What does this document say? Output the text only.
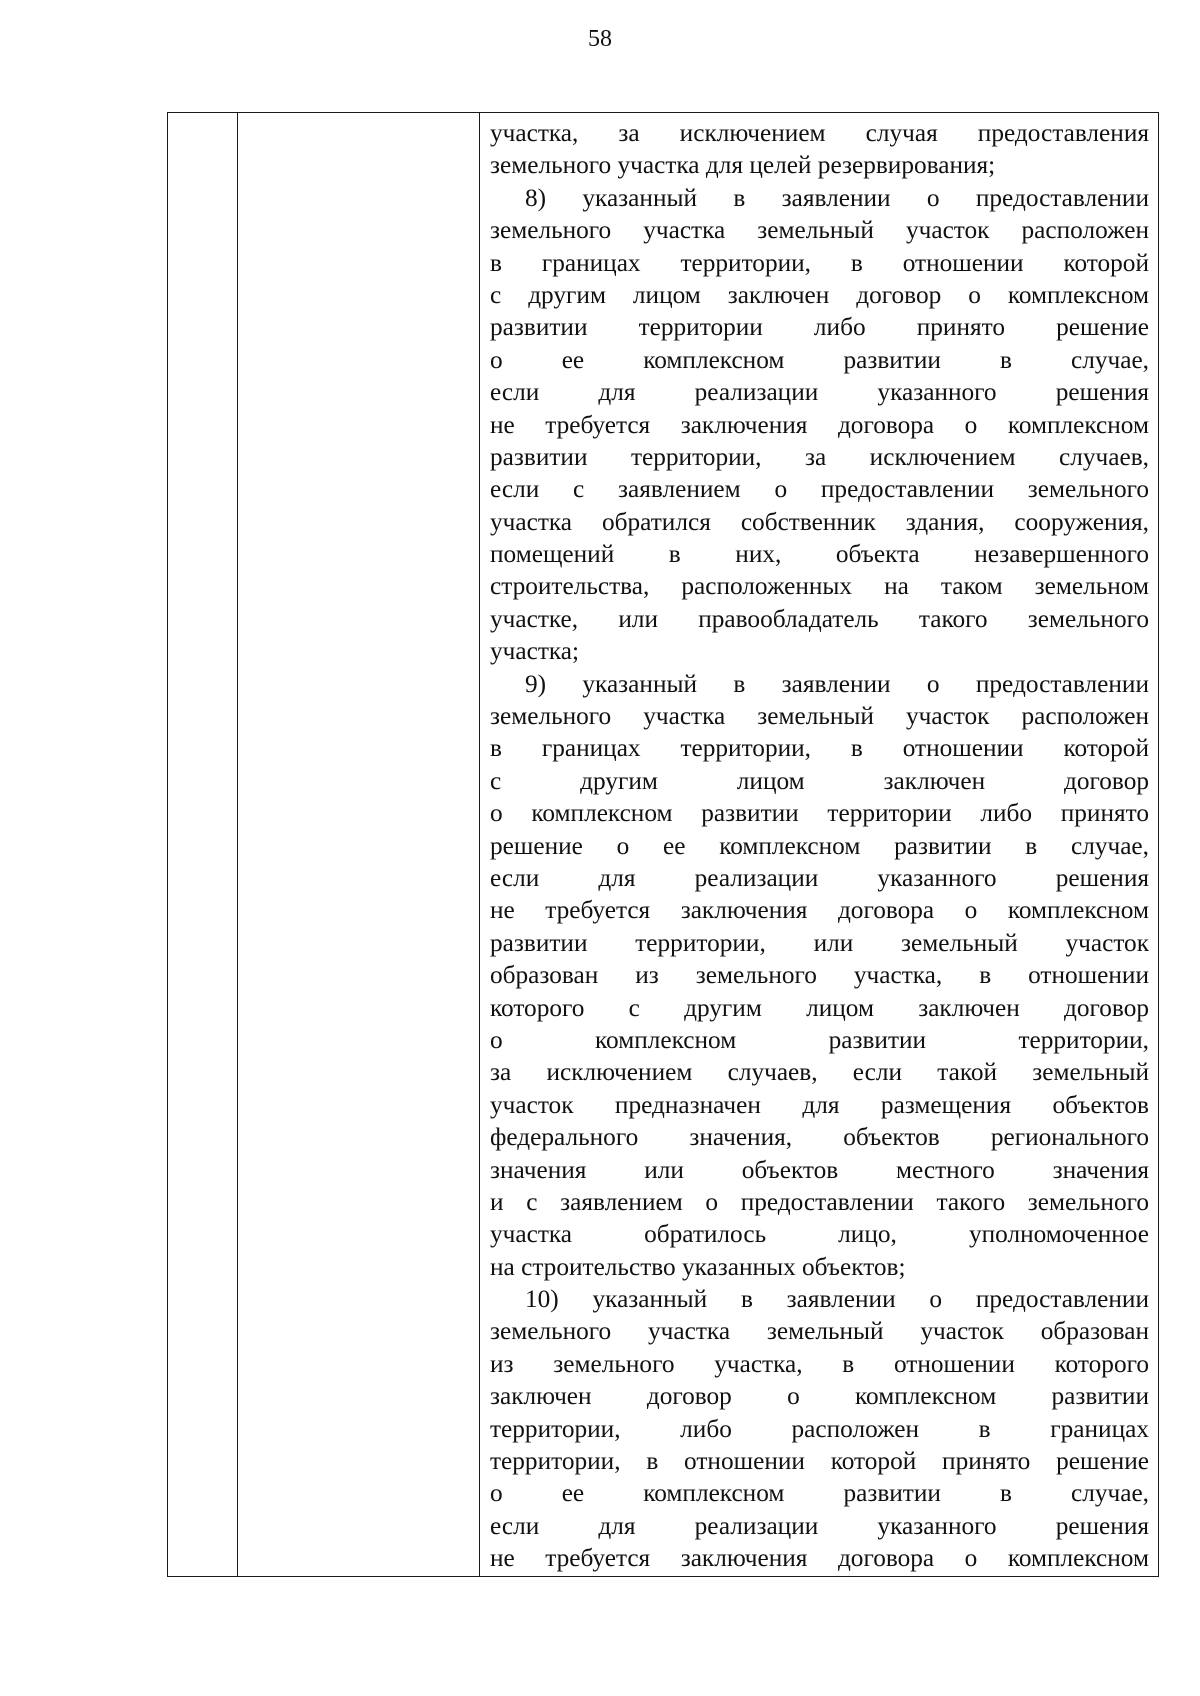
58
участка, за исключением случая предоставления
земельного участка для целей резервирования;
8) указанный в заявлении о предоставлении
земельного участка земельный участок расположен
в границах территории, в отношении которой
с другим лицом заключен договор о комплексном
развитии территории либо принято решение
о ее комплексном развитии в случае,
если для реализации указанного решения
не требуется заключения договора о комплексном
развитии территории, за исключением случаев,
если с заявлением о предоставлении земельного
участка обратился собственник здания, сооружения,
помещений в них, объекта незавершенного
строительства, расположенных на таком земельном
участке, или правообладатель такого земельного
участка;
9) указанный в заявлении о предоставлении
земельного участка земельный участок расположен
в границах территории, в отношении которой
с другим лицом заключен договор
о комплексном развитии территории либо принято
решение о ее комплексном развитии в случае,
если для реализации указанного решения
не требуется заключения договора о комплексном
развитии территории, или земельный участок
образован из земельного участка, в отношении
которого с другим лицом заключен договор
о комплексном развитии территории,
за исключением случаев, если такой земельный
участок предназначен для размещения объектов
федерального значения, объектов регионального
значения или объектов местного значения
и с заявлением о предоставлении такого земельного
участка обратилось лицо, уполномоченное
на строительство указанных объектов;
10) указанный в заявлении о предоставлении
земельного участка земельный участок образован
из земельного участка, в отношении которого
заключен договор о комплексном развитии
территории, либо расположен в границах
территории, в отношении которой принято решение
о ее комплексном развитии в случае,
если для реализации указанного решения
не требуется заключения договора о комплексном
